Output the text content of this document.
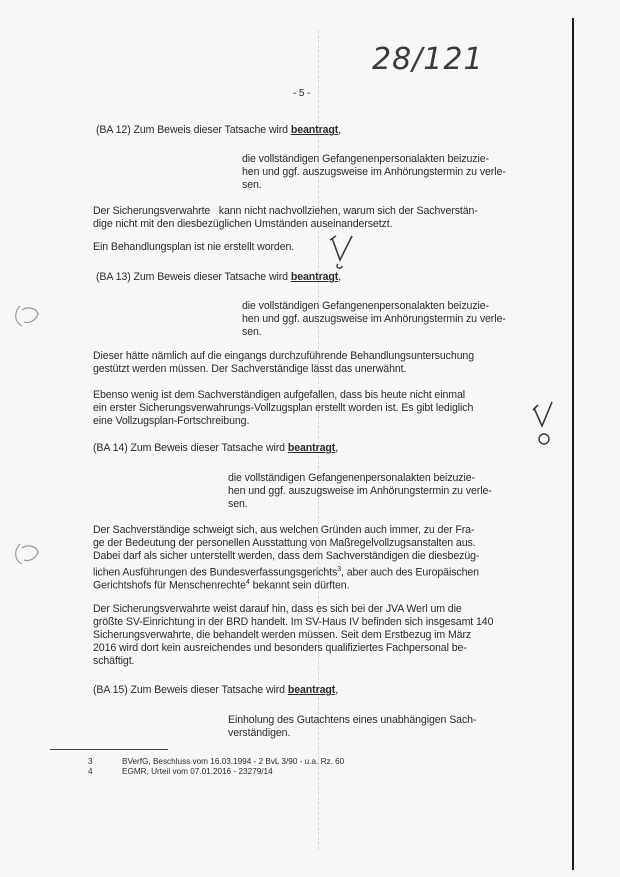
28/121
- 5 -
(BA 12) Zum Beweis dieser Tatsache wird beantragt,
die vollständigen Gefangenenpersonalakten beizuzie-
hen und ggf. auszugsweise im Anhörungstermin zu verle-
sen.
Der Sicherungsverwahrte   kann nicht nachvollziehen, warum sich der Sachverstän-
dige nicht mit den diesbezüglichen Umständen auseinandersetzt.
Ein Behandlungsplan ist nie erstellt worden.
(BA 13) Zum Beweis dieser Tatsache wird beantragt,
die vollständigen Gefangenenpersonalakten beizuzie-
hen und ggf. auszugsweise im Anhörungstermin zu verle-
sen.
Dieser hätte nämlich auf die eingangs durchzuführende Behandlungsuntersuchung
gestützt werden müssen. Der Sachverständige lässt das unerwähnt.
Ebenso wenig ist dem Sachverständigen aufgefallen, dass bis heute nicht einmal
ein erster Sicherungsverwahrungs-Vollzugsplan erstellt worden ist. Es gibt lediglich
eine Vollzugsplan-Fortschreibung.
(BA 14) Zum Beweis dieser Tatsache wird beantragt,
die vollständigen Gefangenenpersonalakten beizuzie-
hen und ggf. auszugsweise im Anhörungstermin zu verle-
sen.
Der Sachverständige schweigt sich, aus welchen Gründen auch immer, zu der Fra-
ge der Bedeutung der personellen Ausstattung von Maßregelvollzugsanstalten aus.
Dabei darf als sicher unterstellt werden, dass dem Sachverständigen die diesbezüg-
lichen Ausführungen des Bundesverfassungsgerichts$^3$, aber auch des Europäischen
Gerichtshofs für Menschenrechte$^4$ bekannt sein dürften.
Der Sicherungsverwahrte weist darauf hin, dass es sich bei der JVA Werl um die
größte SV-Einrichtung in der BRD handelt. Im SV-Haus IV befinden sich insgesamt 140
Sicherungsverwahrte, die behandelt werden müssen. Seit dem Erstbezug im März
2016 wird dort kein ausreichendes und besonders qualifiziertes Fachpersonal be-
schäftigt.
(BA 15) Zum Beweis dieser Tatsache wird beantragt,
Einholung des Gutachtens eines unabhängigen Sach-
verständigen.
3	BVerfG, Beschluss vom 16.03.1994 - 2 BvL 3/90 - u.a. Rz. 60
4	EGMR, Urteil vom 07.01.2016 - 23279/14
